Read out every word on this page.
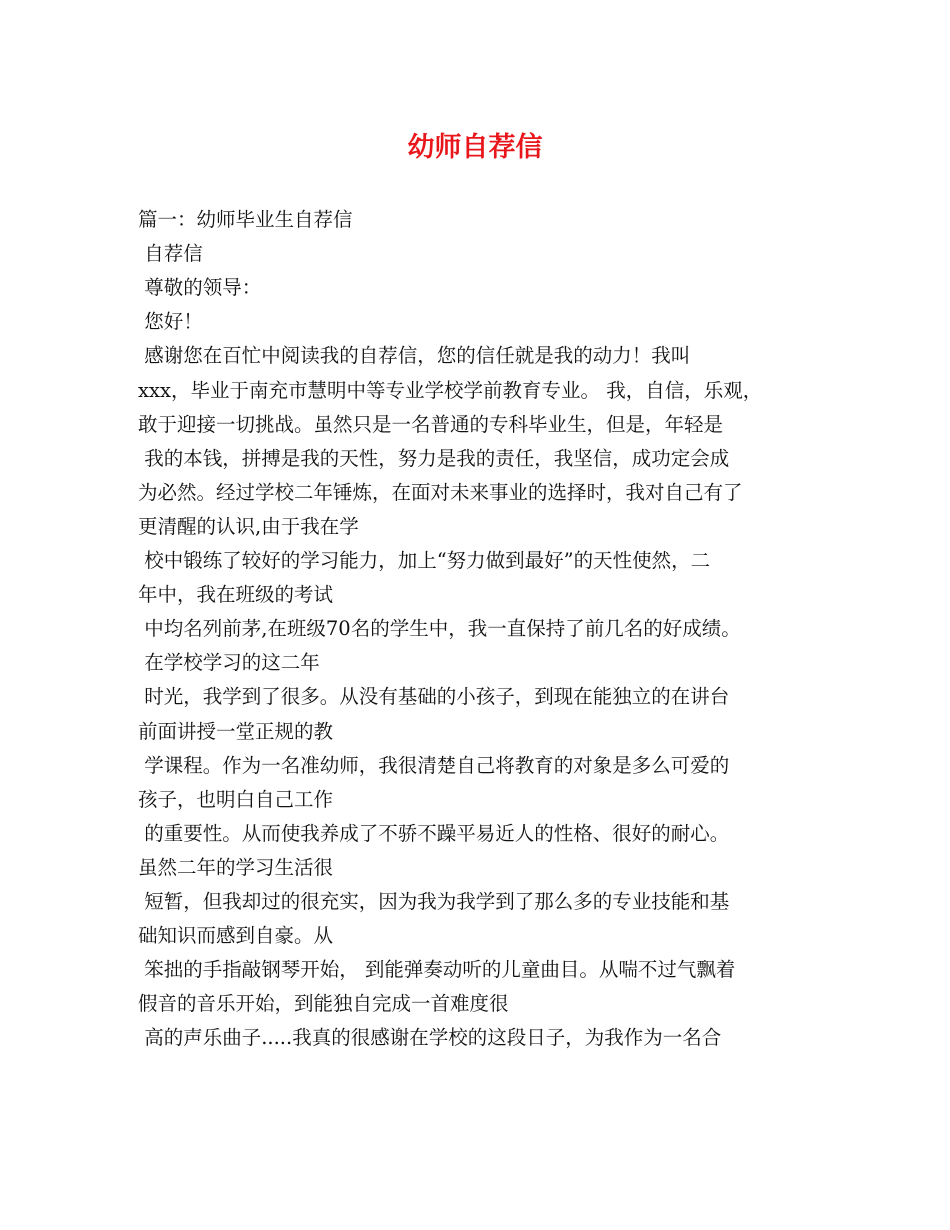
幼师自荐信
篇一：幼师毕业生自荐信
自荐信
尊敬的领导：
您好！
感谢您在百忙中阅读我的自荐信，您的信任就是我的动力！我叫
xxx，毕业于南充市慧明中等专业学校学前教育专业。 我，自信，乐观，
敢于迎接一切挑战。虽然只是一名普通的专科毕业生，但是，年轻是
我的本钱，拼搏是我的天性，努力是我的责任，我坚信，成功定会成
为必然。经过学校二年锤炼，在面对未来事业的选择时，我对自己有了
更清醒的认识,由于我在学
校中锻练了较好的学习能力，加上“努力做到最好”的天性使然，二
年中，我在班级的考试
中均名列前茅,在班级70名的学生中，我一直保持了前几名的好成绩。
在学校学习的这二年
时光，我学到了很多。从没有基础的小孩子，到现在能独立的在讲台
前面讲授一堂正规的教
学课程。作为一名准幼师，我很清楚自己将教育的对象是多么可爱的
孩子，也明白自己工作
的重要性。从而使我养成了不骄不躁平易近人的性格、很好的耐心。
虽然二年的学习生活很
短暂，但我却过的很充实，因为我为我学到了那么多的专业技能和基
础知识而感到自豪。从
笨拙的手指敲钢琴开始， 到能弹奏动听的儿童曲目。从喘不过气飘着
假音的音乐开始，到能独自完成一首难度很
高的声乐曲子.....我真的很感谢在学校的这段日子，为我作为一名合
